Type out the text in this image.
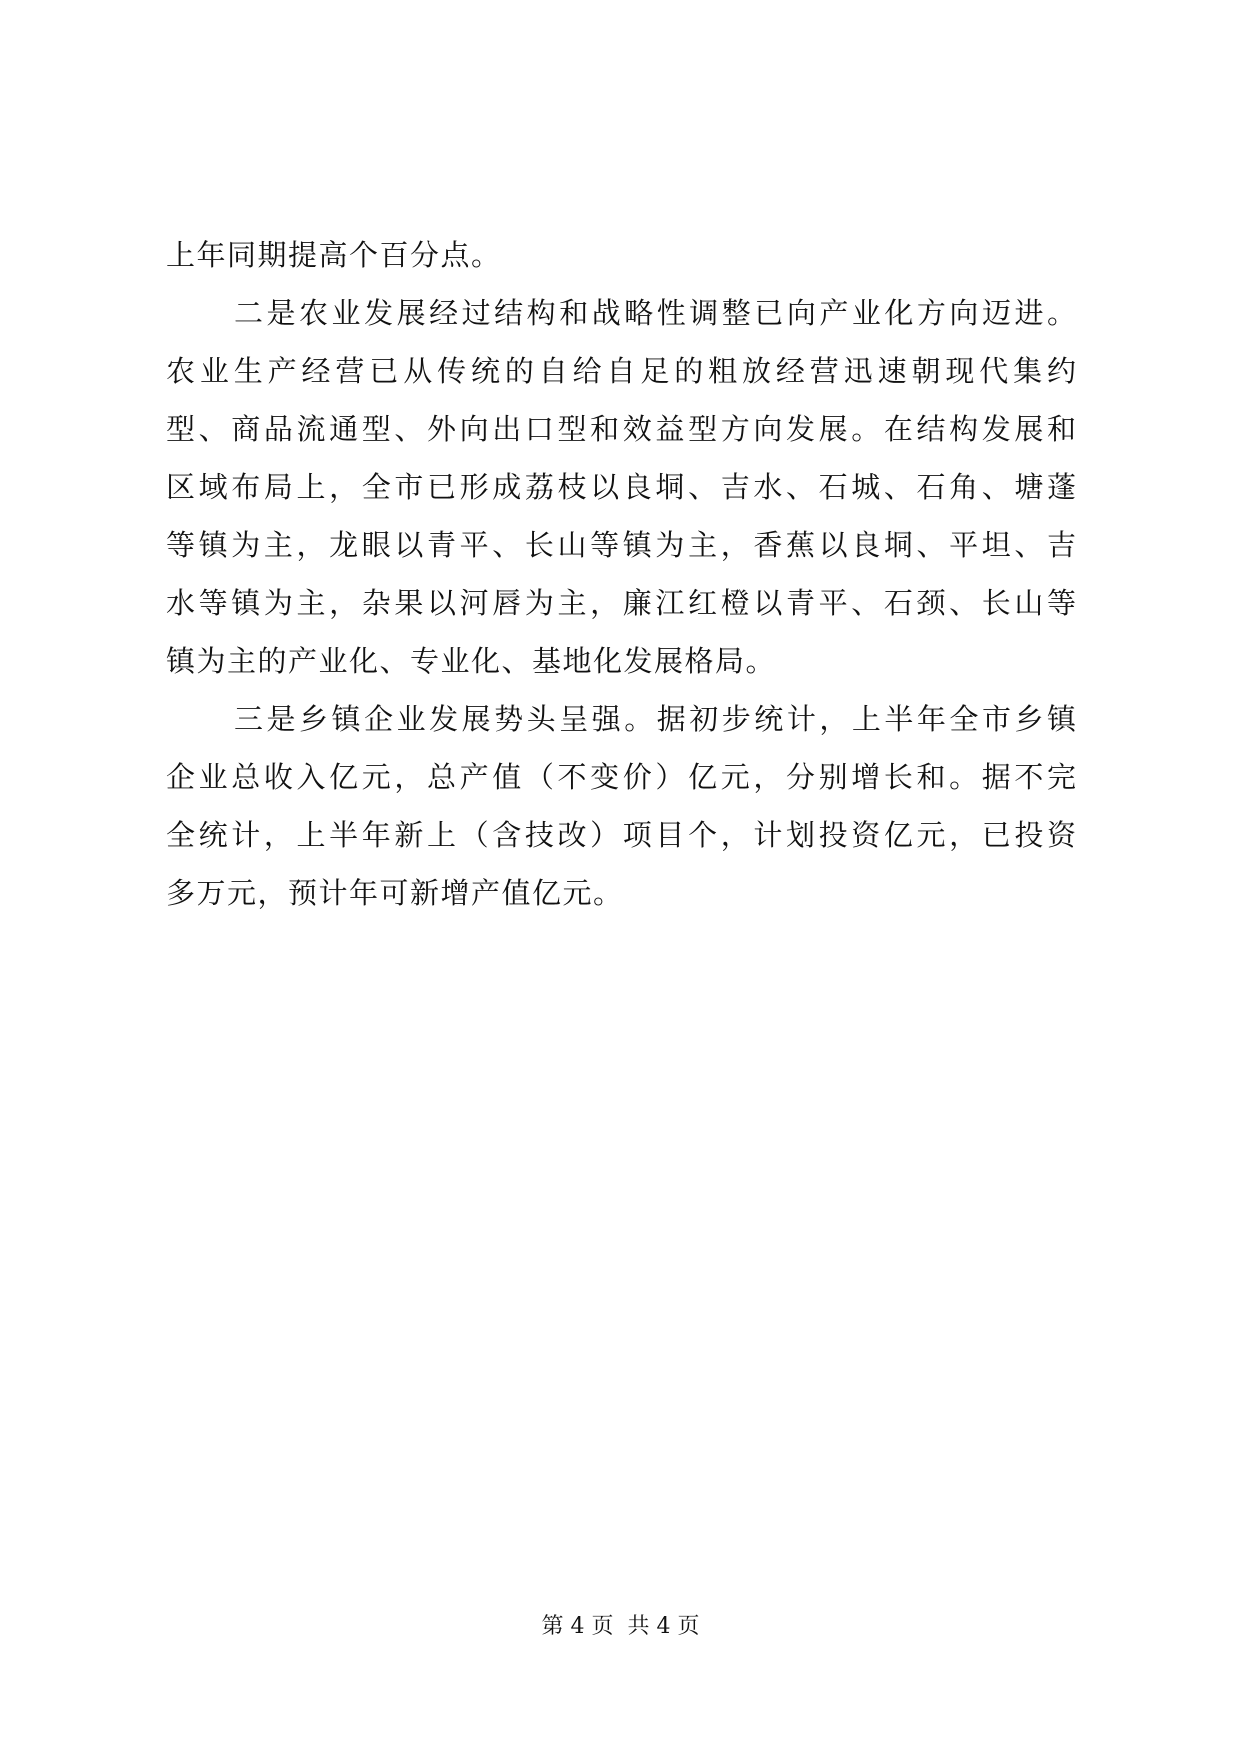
上年同期提高个百分点。
二是农业发展经过结构和战略性调整已向产业化方向迈进。
农业生产经营已从传统的自给自足的粗放经营迅速朝现代集约
型、商品流通型、外向出口型和效益型方向发展。在结构发展和
区域布局上，全市已形成荔枝以良垌、吉水、石城、石角、塘蓬
等镇为主，龙眼以青平、长山等镇为主，香蕉以良垌、平坦、吉
水等镇为主，杂果以河唇为主，廉江红橙以青平、石颈、长山等
镇为主的产业化、专业化、基地化发展格局。
三是乡镇企业发展势头呈强。据初步统计，上半年全市乡镇
企业总收入亿元，总产值（不变价）亿元，分别增长和。据不完
全统计，上半年新上（含技改）项目个，计划投资亿元，已投资
多万元，预计年可新增产值亿元。
第 4 页 共 4 页
